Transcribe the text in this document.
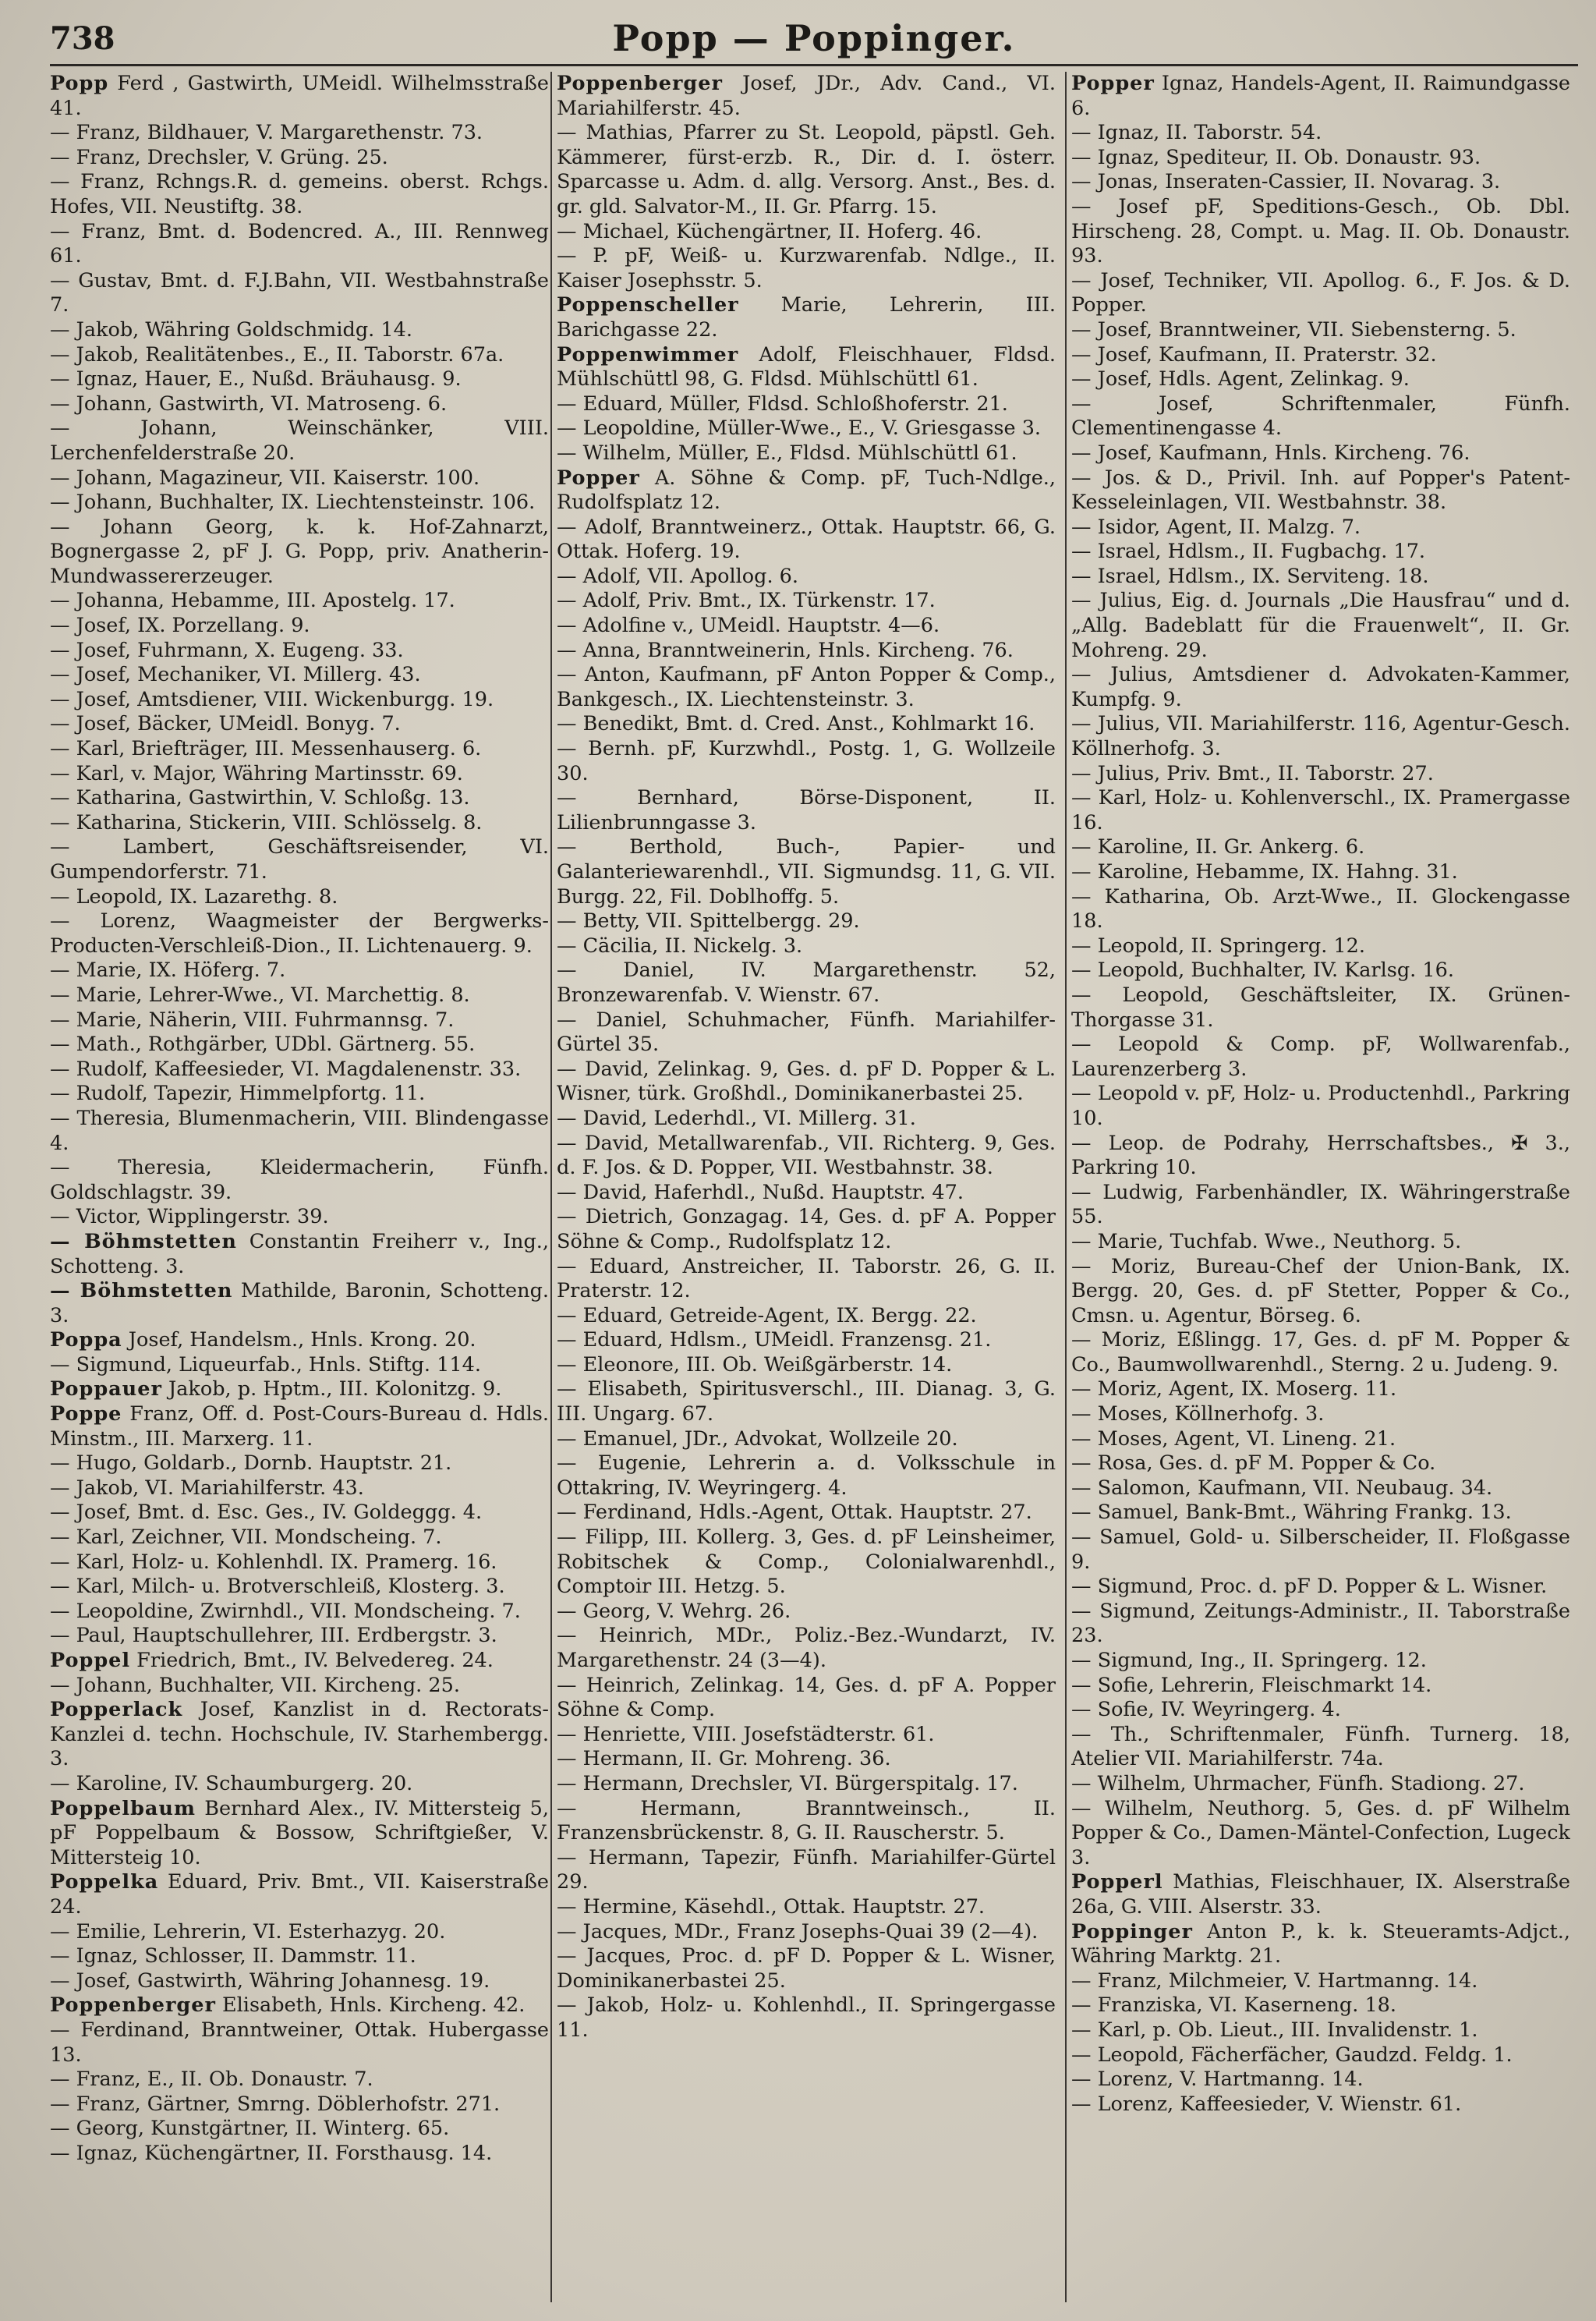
738	Popp — Poppinger.

Popp Ferd , Gastwirth, UMeidl. Wilhelmsstraße 41.

— Franz, Bildhauer, V. Margarethenstr. 73.

— Franz, Drechsler, V. Grüng. 25.

— Franz, Rchngs.R. d. gemeins. oberst. Rchgs. Hofes, VII. Neustiftg. 38.

— Franz, Bmt. d. Bodencred. A., III. Rennweg 61.

— Gustav, Bmt. d. F.J.Bahn, VII. Westbahnstraße 7.

— Jakob, Währing Goldschmidg. 14.

— Jakob, Realitätenbes., E., II. Taborstr. 67a.

— Ignaz, Hauer, E., Nußd. Bräuhausg. 9.

— Johann, Gastwirth, VI. Matroseng. 6.

— Johann, Weinschänker, VIII. Lerchenfelderstraße 20.

— Johann, Magazineur, VII. Kaiserstr. 100.

— Johann, Buchhalter, IX. Liechtensteinstr. 106.

— Johann Georg, k. k. Hof-Zahnarzt, Bognergasse 2, pF J. G. Popp, priv. Anatherin-Mundwassererzeuger.

— Johanna, Hebamme, III. Apostelg. 17.

— Josef, IX. Porzellang. 9.

— Josef, Fuhrmann, X. Eugeng. 33.

— Josef, Mechaniker, VI. Millerg. 43.

— Josef, Amtsdiener, VIII. Wickenburgg. 19.

— Josef, Bäcker, UMeidl. Bonyg. 7.

— Karl, Briefträger, III. Messenhauserg. 6.

— Karl, v. Major, Währing Martinsstr. 69.

— Katharina, Gastwirthin, V. Schloßg. 13.

— Katharina, Stickerin, VIII. Schlösselg. 8.

— Lambert, Geschäftsreisender, VI. Gumpendorferstr. 71.

— Leopold, IX. Lazarethg. 8.

— Lorenz, Waagmeister der Bergwerks-Producten-Verschleiß-Dion., II. Lichtenauerg. 9.

— Marie, IX. Höferg. 7.

— Marie, Lehrer-Wwe., VI. Marchettig. 8.

— Marie, Näherin, VIII. Fuhrmannsg. 7.

— Math., Rothgärber, UDbl. Gärtnerg. 55.

— Rudolf, Kaffeesieder, VI. Magdalenenstr. 33.

— Rudolf, Tapezir, Himmelpfortg. 11.

— Theresia, Blumenmacherin, VIII. Blindengasse 4.

— Theresia, Kleidermacherin, Fünfh. Goldschlagstr. 39.

— Victor, Wipplingerstr. 39.

— Böhmstetten Constantin Freiherr v., Ing., Schotteng. 3.

— Böhmstetten Mathilde, Baronin, Schotteng. 3.

Poppa Josef, Handelsm., Hnls. Krong. 20.

— Sigmund, Liqueurfab., Hnls. Stiftg. 114.

Poppauer Jakob, p. Hptm., III. Kolonitzg. 9.

Poppe Franz, Off. d. Post-Cours-Bureau d. Hdls. Minstm., III. Marxerg. 11.

— Hugo, Goldarb., Dornb. Hauptstr. 21.

— Jakob, VI. Mariahilferstr. 43.

— Josef, Bmt. d. Esc. Ges., IV. Goldeggg. 4.

— Karl, Zeichner, VII. Mondscheing. 7.

— Karl, Holz- u. Kohlenhdl. IX. Pramerg. 16.

— Karl, Milch- u. Brotverschleiß, Klosterg. 3.

— Leopoldine, Zwirnhdl., VII. Mondscheing. 7.

— Paul, Hauptschullehrer, III. Erdbergstr. 3.

Poppel Friedrich, Bmt., IV. Belvedereg. 24.

— Johann, Buchhalter, VII. Kircheng. 25.

Popperlack Josef, Kanzlist in d. Rectorats-Kanzlei d. techn. Hochschule, IV. Starhembergg. 3.

— Karoline, IV. Schaumburgerg. 20.

Poppelbaum Bernhard Alex., IV. Mittersteig 5, pF Poppelbaum & Bossow, Schriftgießer, V. Mittersteig 10.

Poppelka Eduard, Priv. Bmt., VII. Kaiserstraße 24.

— Emilie, Lehrerin, VI. Esterhazyg. 20.

— Ignaz, Schlosser, II. Dammstr. 11.

— Josef, Gastwirth, Währing Johannesg. 19.

Poppenberger Elisabeth, Hnls. Kircheng. 42.

— Ferdinand, Branntweiner, Ottak. Hubergasse 13.

— Franz, E., II. Ob. Donaustr. 7.

— Franz, Gärtner, Smrng. Döblerhofstr. 271.

— Georg, Kunstgärtner, II. Winterg. 65.

— Ignaz, Küchengärtner, II. Forsthausg. 14.

Poppenberger Josef, JDr., Adv. Cand., VI. Mariahilferstr. 45.

— Mathias, Pfarrer zu St. Leopold, päpstl. Geh. Kämmerer, fürst-erzb. R., Dir. d. I. österr. Sparcasse u. Adm. d. allg. Versorg. Anst., Bes. d. gr. gld. Salvator-M., II. Gr. Pfarrg. 15.

— Michael, Küchengärtner, II. Hoferg. 46.

— P. pF, Weiß- u. Kurzwarenfab. Ndlge., II. Kaiser Josephsstr. 5.

Poppenscheller Marie, Lehrerin, III. Barichgasse 22.

Poppenwimmer Adolf, Fleischhauer, Fldsd. Mühlschüttl 98, G. Fldsd. Mühlschüttl 61.

— Eduard, Müller, Fldsd. Schloßhoferstr. 21.

— Leopoldine, Müller-Wwe., E., V. Griesgasse 3.

— Wilhelm, Müller, E., Fldsd. Mühlschüttl 61.

Popper A. Söhne & Comp. pF, Tuch-Ndlge., Rudolfsplatz 12.

— Adolf, Branntweinerz., Ottak. Hauptstr. 66, G. Ottak. Hoferg. 19.

— Adolf, VII. Apollog. 6.

— Adolf, Priv. Bmt., IX. Türkenstr. 17.

— Adolfine v., UMeidl. Hauptstr. 4—6.

— Anna, Branntweinerin, Hnls. Kircheng. 76.

— Anton, Kaufmann, pF Anton Popper & Comp., Bankgesch., IX. Liechtensteinstr. 3.

— Benedikt, Bmt. d. Cred. Anst., Kohlmarkt 16.

— Bernh. pF, Kurzwhdl., Postg. 1, G. Wollzeile 30.

— Bernhard, Börse-Disponent, II. Lilienbrunngasse 3.

— Berthold, Buch-, Papier- und Galanteriewarenhdl., VII. Sigmundsg. 11, G. VII. Burgg. 22, Fil. Doblhoffg. 5.

— Betty, VII. Spittelbergg. 29.

— Cäcilia, II. Nickelg. 3.

— Daniel, IV. Margarethenstr. 52, Bronzewarenfab. V. Wienstr. 67.

— Daniel, Schuhmacher, Fünfh. Mariahilfer-Gürtel 35.

— David, Zelinkag. 9, Ges. d. pF D. Popper & L. Wisner, türk. Großhdl., Dominikanerbastei 25.

— David, Lederhdl., VI. Millerg. 31.

— David, Metallwarenfab., VII. Richterg. 9, Ges. d. F. Jos. & D. Popper, VII. Westbahnstr. 38.

— David, Haferhdl., Nußd. Hauptstr. 47.

— Dietrich, Gonzagag. 14, Ges. d. pF A. Popper Söhne & Comp., Rudolfsplatz 12.

— Eduard, Anstreicher, II. Taborstr. 26, G. II. Praterstr. 12.

— Eduard, Getreide-Agent, IX. Bergg. 22.

— Eduard, Hdlsm., UMeidl. Franzensg. 21.

— Eleonore, III. Ob. Weißgärberstr. 14.

— Elisabeth, Spiritusverschl., III. Dianag. 3, G. III. Ungarg. 67.

— Emanuel, JDr., Advokat, Wollzeile 20.

— Eugenie, Lehrerin a. d. Volksschule in Ottakring, IV. Weyringerg. 4.

— Ferdinand, Hdls.-Agent, Ottak. Hauptstr. 27.

— Filipp, III. Kollerg. 3, Ges. d. pF Leinsheimer, Robitschek & Comp., Colonialwarenhdl., Comptoir III. Hetzg. 5.

— Georg, V. Wehrg. 26.

— Heinrich, MDr., Poliz.-Bez.-Wundarzt, IV. Margarethenstr. 24 (3—4).

— Heinrich, Zelinkag. 14, Ges. d. pF A. Popper Söhne & Comp.

— Henriette, VIII. Josefstädterstr. 61.

— Hermann, II. Gr. Mohreng. 36.

— Hermann, Drechsler, VI. Bürgerspitalg. 17.

— Hermann, Branntweinsch., II. Franzensbrückenstr. 8, G. II. Rauscherstr. 5.

— Hermann, Tapezir, Fünfh. Mariahilfer-Gürtel 29.

— Hermine, Käsehdl., Ottak. Hauptstr. 27.

— Jacques, MDr., Franz Josephs-Quai 39 (2—4).

— Jacques, Proc. d. pF D. Popper & L. Wisner, Dominikanerbastei 25.

— Jakob, Holz- u. Kohlenhdl., II. Springergasse 11.

Popper Ignaz, Handels-Agent, II. Raimundgasse 6.

— Ignaz, II. Taborstr. 54.

— Ignaz, Spediteur, II. Ob. Donaustr. 93.

— Jonas, Inseraten-Cassier, II. Novarag. 3.

— Josef pF, Speditions-Gesch., Ob. Dbl. Hirscheng. 28, Compt. u. Mag. II. Ob. Donaustr. 93.

— Josef, Techniker, VII. Apollog. 6., F. Jos. & D. Popper.

— Josef, Branntweiner, VII. Siebensterng. 5.

— Josef, Kaufmann, II. Praterstr. 32.

— Josef, Hdls. Agent, Zelinkag. 9.

— Josef, Schriftenmaler, Fünfh. Clementinengasse 4.

— Josef, Kaufmann, Hnls. Kircheng. 76.

— Jos. & D., Privil. Inh. auf Popper's Patent-Kesseleinlagen, VII. Westbahnstr. 38.

— Isidor, Agent, II. Malzg. 7.

— Israel, Hdlsm., II. Fugbachg. 17.

— Israel, Hdlsm., IX. Serviteng. 18.

— Julius, Eig. d. Journals „Die Hausfrau“ und d. „Allg. Badeblatt für die Frauenwelt“, II. Gr. Mohreng. 29.

— Julius, Amtsdiener d. Advokaten-Kammer, Kumpfg. 9.

— Julius, VII. Mariahilferstr. 116, Agentur-Gesch. Köllnerhofg. 3.

— Julius, Priv. Bmt., II. Taborstr. 27.

— Karl, Holz- u. Kohlenverschl., IX. Pramergasse 16.

— Karoline, II. Gr. Ankerg. 6.

— Karoline, Hebamme, IX. Hahng. 31.

— Katharina, Ob. Arzt-Wwe., II. Glockengasse 18.

— Leopold, II. Springerg. 12.

— Leopold, Buchhalter, IV. Karlsg. 16.

— Leopold, Geschäftsleiter, IX. Grünen-Thorgasse 31.

— Leopold & Comp. pF, Wollwarenfab., Laurenzerberg 3.

— Leopold v. pF, Holz- u. Productenhdl., Parkring 10.

— Leop. de Podrahy, Herrschaftsbes., ✠ 3., Parkring 10.

— Ludwig, Farbenhändler, IX. Währingerstraße 55.

— Marie, Tuchfab. Wwe., Neuthorg. 5.

— Moriz, Bureau-Chef der Union-Bank, IX. Bergg. 20, Ges. d. pF Stetter, Popper & Co., Cmsn. u. Agentur, Börseg. 6.

— Moriz, Eßlingg. 17, Ges. d. pF M. Popper & Co., Baumwollwarenhdl., Sterng. 2 u. Judeng. 9.

— Moriz, Agent, IX. Moserg. 11.

— Moses, Köllnerhofg. 3.

— Moses, Agent, VI. Lineng. 21.

— Rosa, Ges. d. pF M. Popper & Co.

— Salomon, Kaufmann, VII. Neubaug. 34.

— Samuel, Bank-Bmt., Währing Frankg. 13.

— Samuel, Gold- u. Silberscheider, II. Floßgasse 9.

— Sigmund, Proc. d. pF D. Popper & L. Wisner.

— Sigmund, Zeitungs-Administr., II. Taborstraße 23.

— Sigmund, Ing., II. Springerg. 12.

— Sofie, Lehrerin, Fleischmarkt 14.

— Sofie, IV. Weyringerg. 4.

— Th., Schriftenmaler, Fünfh. Turnerg. 18, Atelier VII. Mariahilferstr. 74a.

— Wilhelm, Uhrmacher, Fünfh. Stadiong. 27.

— Wilhelm, Neuthorg. 5, Ges. d. pF Wilhelm Popper & Co., Damen-Mäntel-Confection, Lugeck 3.

Popperl Mathias, Fleischhauer, IX. Alserstraße 26a, G. VIII. Alserstr. 33.

Poppinger Anton P., k. k. Steueramts-Adjct., Währing Marktg. 21.

— Franz, Milchmeier, V. Hartmanng. 14.

— Franziska, VI. Kaserneng. 18.

— Karl, p. Ob. Lieut., III. Invalidenstr. 1.

— Leopold, Fächerfächer, Gaudzd. Feldg. 1.

— Lorenz, V. Hartmanng. 14.

— Lorenz, Kaffeesieder, V. Wienstr. 61.
